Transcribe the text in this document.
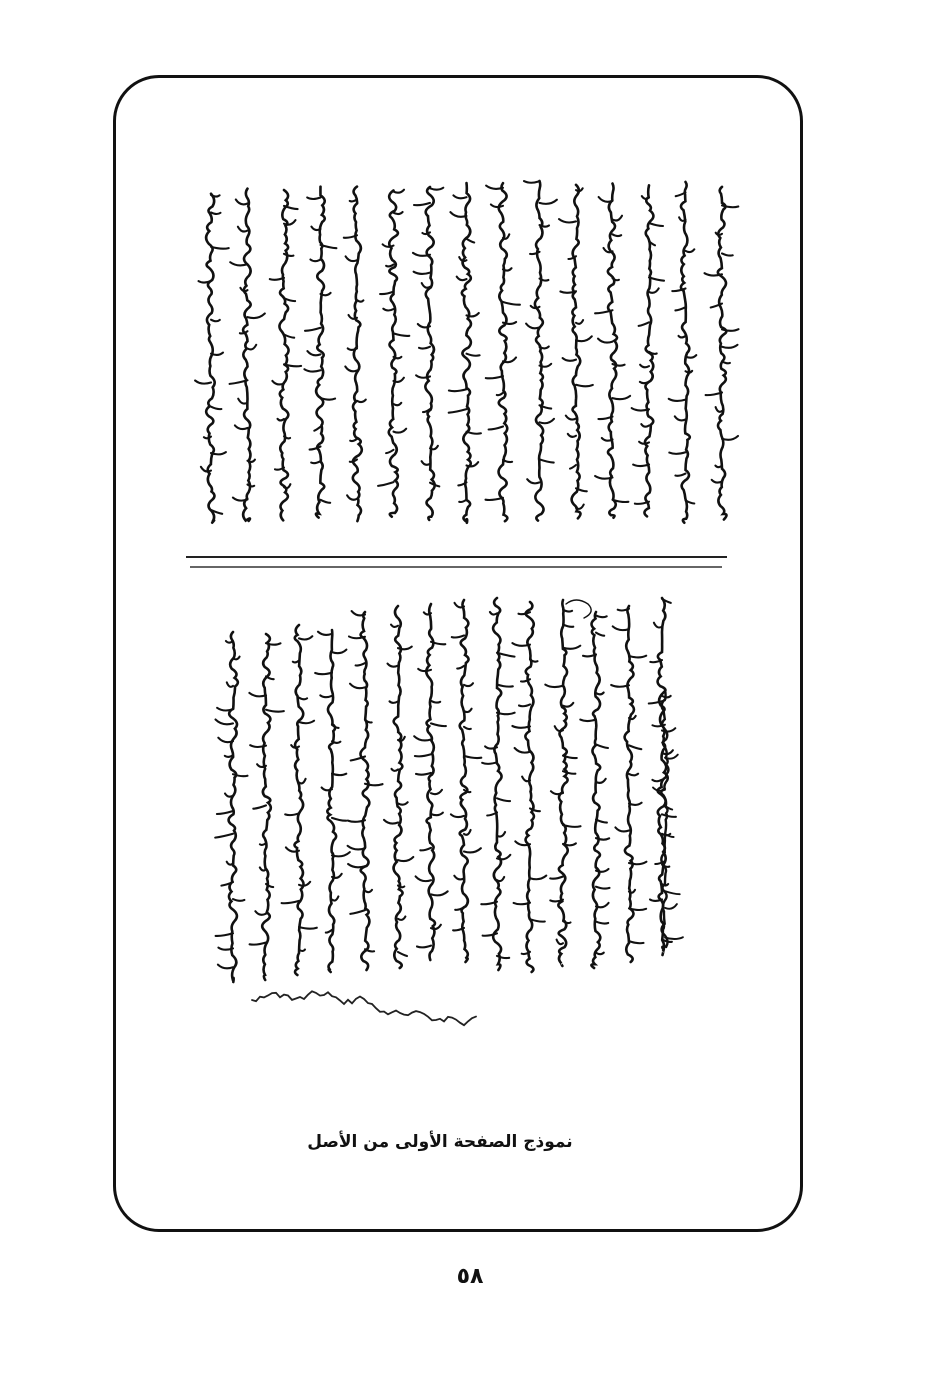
نموذج الصفحة الأولى من الأصل
٥٨
